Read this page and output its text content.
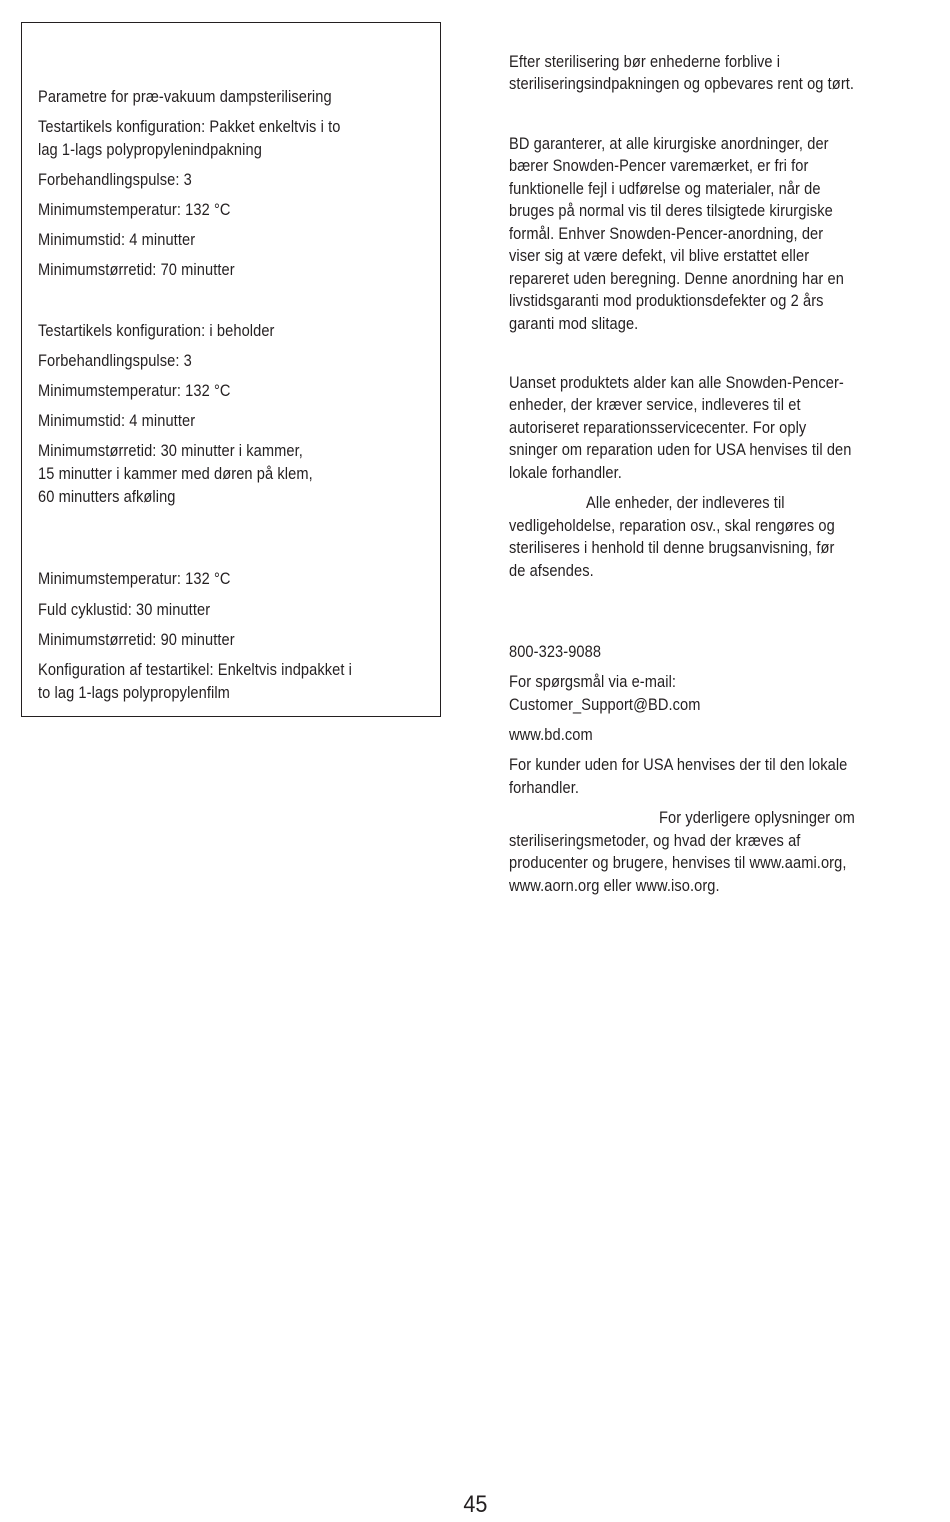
Parametre for præ-vakuum dampsterilisering
Testartikels konfiguration: Pakket enkeltvis i to
lag 1-lags polypropylenindpakning
Forbehandlingspulse: 3
Minimumstemperatur: 132 °C
Minimumstid: 4 minutter
Minimumstørretid: 70 minutter
Testartikels konfiguration: i beholder
Forbehandlingspulse: 3
Minimumstemperatur: 132 °C
Minimumstid: 4 minutter
Minimumstørretid: 30 minutter i kammer,
15 minutter i kammer med døren på klem,
60 minutters afkøling
Minimumstemperatur: 132 °C
Fuld cyklustid: 30 minutter
Minimumstørretid: 90 minutter
Konfiguration af testartikel: Enkeltvis indpakket i
to lag 1-lags polypropylenfilm
Efter sterilisering bør enhederne forblive i
steriliseringsindpakningen og opbevares rent og tørt.
BD garanterer, at alle kirurgiske anordninger, der
bærer Snowden-Pencer varemærket, er fri for
funktionelle fejl i udførelse og materialer, når de
bruges på normal vis til deres tilsigtede kirurgiske
formål. Enhver Snowden-Pencer-anordning, der
viser sig at være defekt, vil blive erstattet eller
repareret uden beregning. Denne anordning har en
livstidsgaranti mod produktionsdefekter og 2 års
garanti mod slitage.
Uanset produktets alder kan alle Snowden-Pencer-
enheder, der kræver service, indleveres til et
autoriseret reparationsservicecenter. For oply
sninger om reparation uden for USA henvises til den
lokale forhandler.
Alle enheder, der indleveres til
vedligeholdelse, reparation osv., skal rengøres og
steriliseres i henhold til denne brugsanvisning, før
de afsendes.
800-323-9088
For spørgsmål via e-mail:
Customer_Support@BD.com
www.bd.com
For kunder uden for USA henvises der til den lokale
forhandler.
For yderligere oplysninger om
steriliseringsmetoder, og hvad der kræves af
producenter og brugere, henvises til www.aami.org,
www.aorn.org eller www.iso.org.
45
